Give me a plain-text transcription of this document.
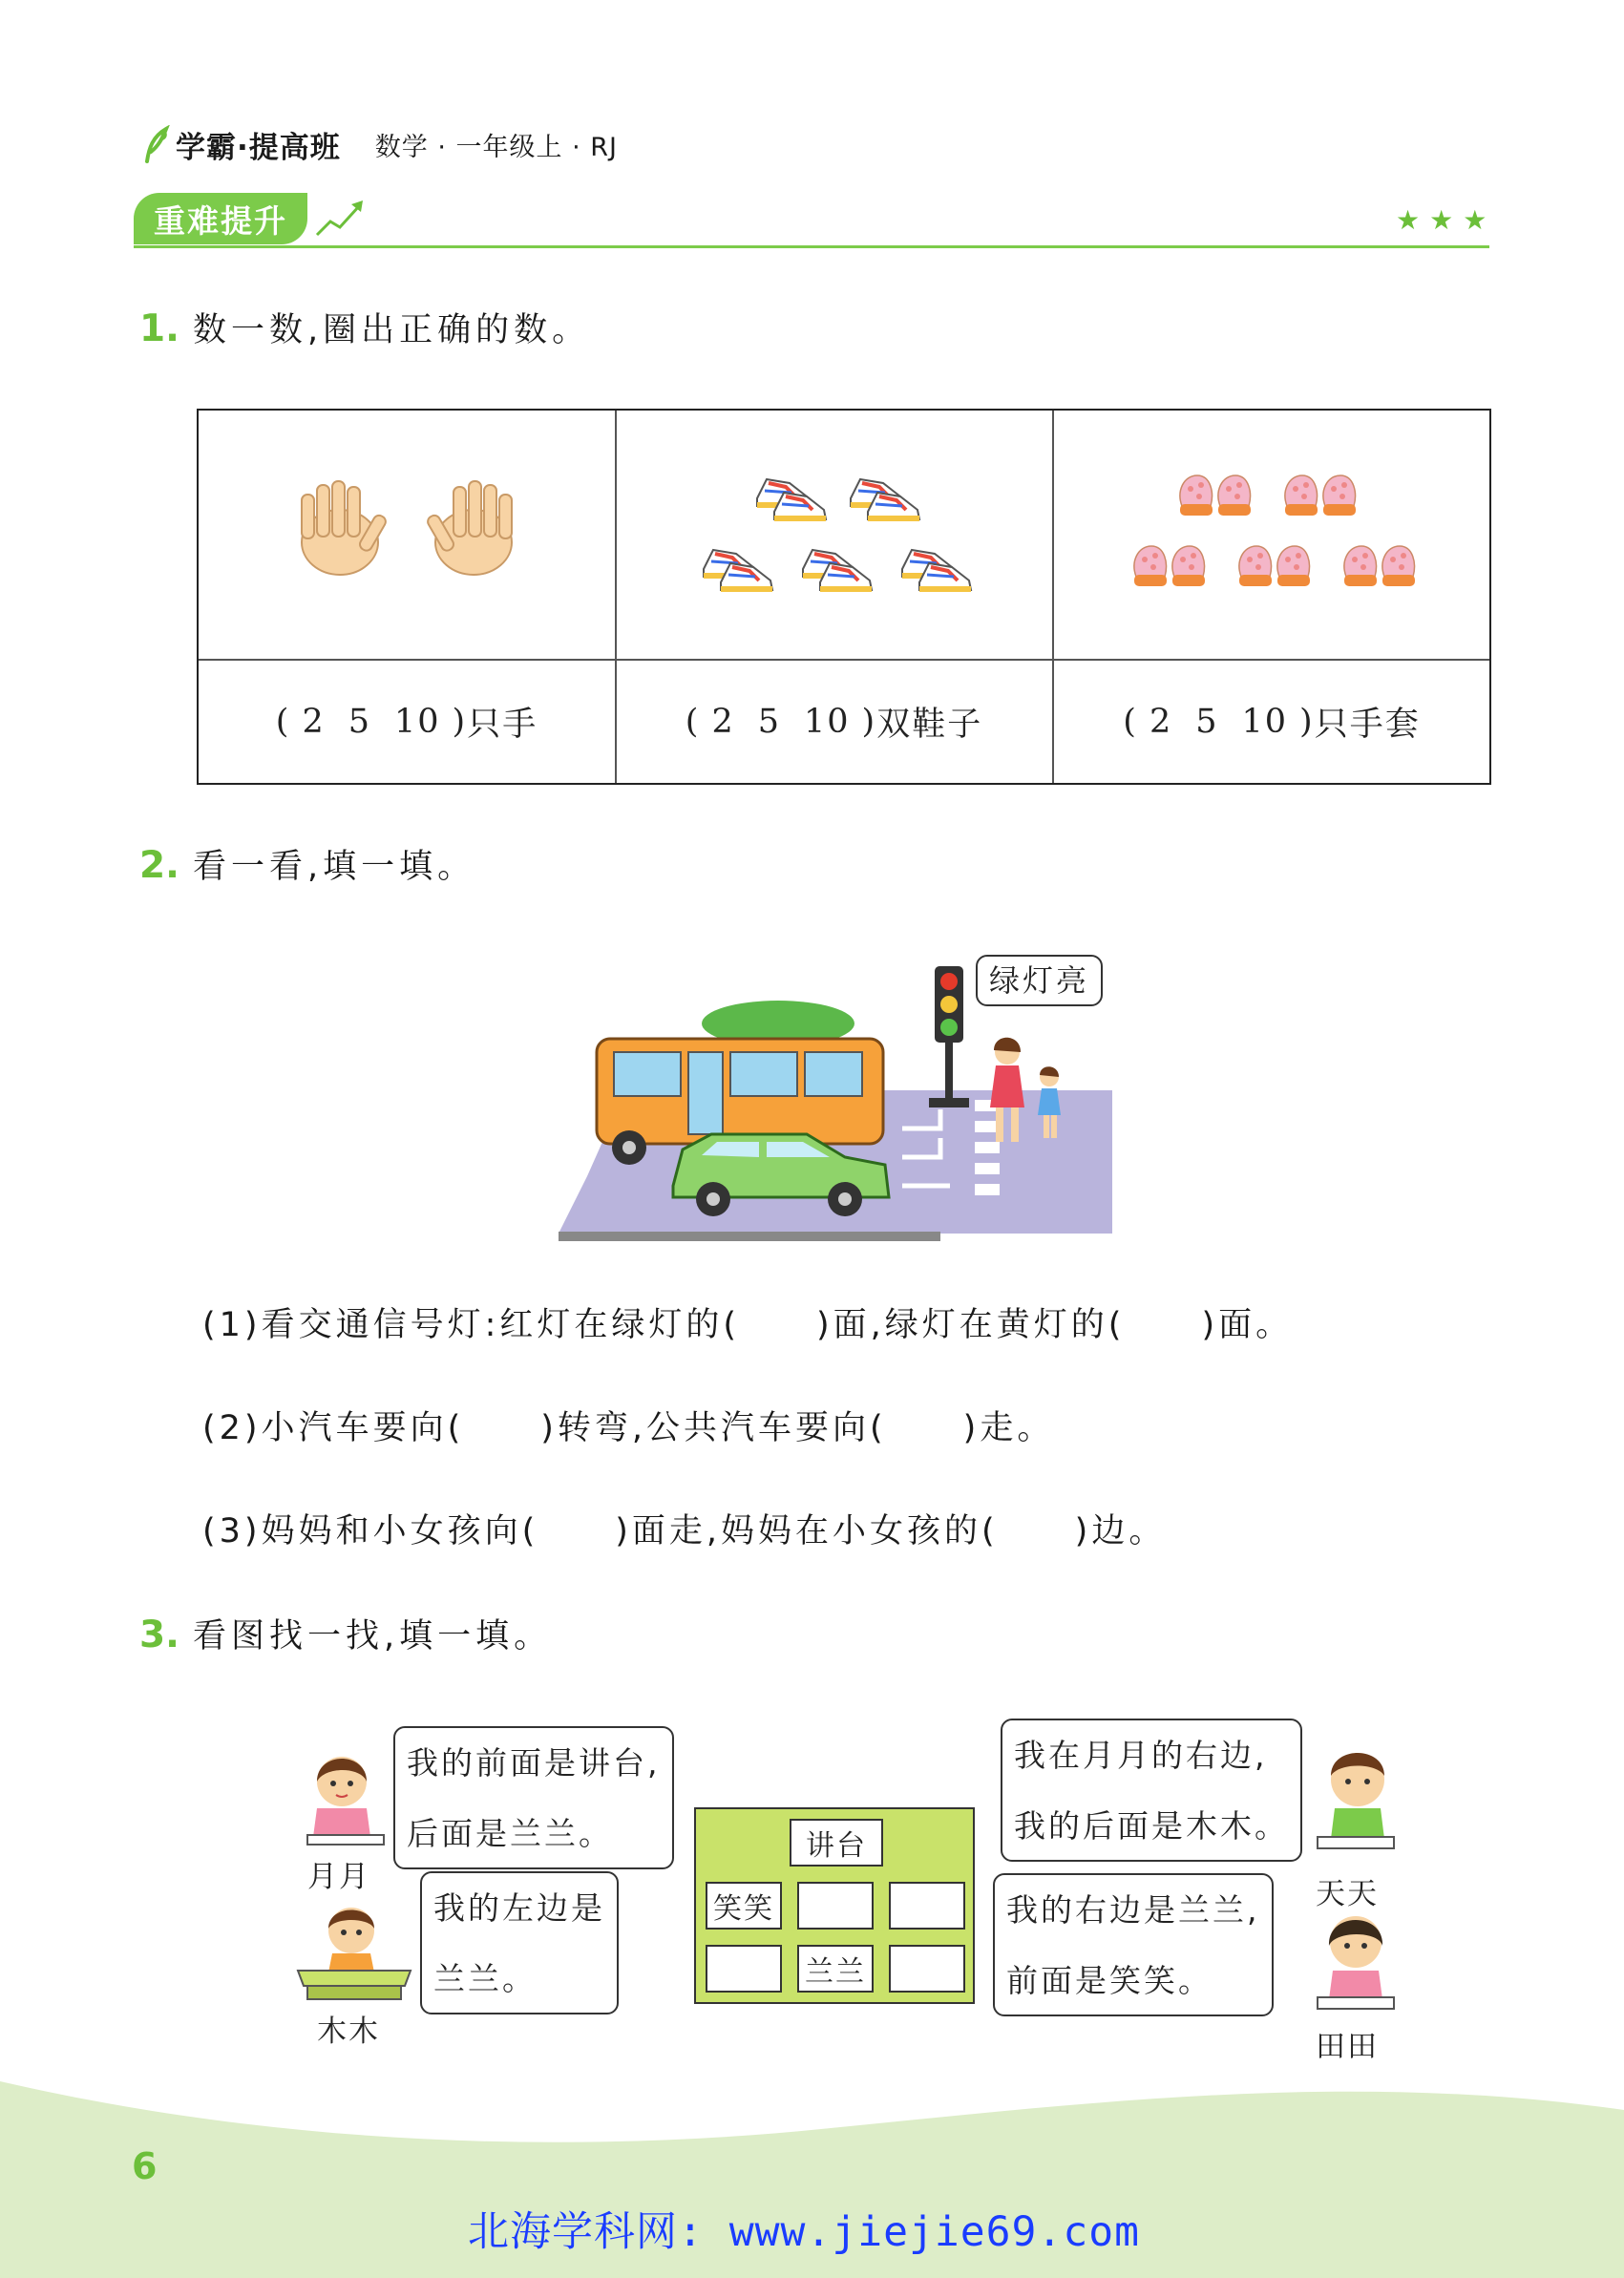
学霸·提高班 数学 · 一年级上 · RJ
重难提升	★ ★ ★
1. 数一数,圈出正确的数。
( 2 5 10 ) 只手	( 2 5 10 ) 双鞋子	( 2 5 10 ) 只手套
2. 看一看,填一填。
绿灯亮
(1)看交通信号灯:红灯在绿灯的( )面,绿灯在黄灯的( )面。
(2)小汽车要向( )转弯,公共汽车要向( )走。
(3)妈妈和小女孩向( )面走,妈妈在小女孩的( )边。
3. 看图找一找,填一填。
月月
我的前面是讲台,
后面是兰兰。
木木
我的左边是
兰兰。
讲台
笑笑
兰兰
我在月月的右边,
我的后面是木木。
天天
我的右边是兰兰,
前面是笑笑。
田田
6
北海学科网: www.jiejie69.com
